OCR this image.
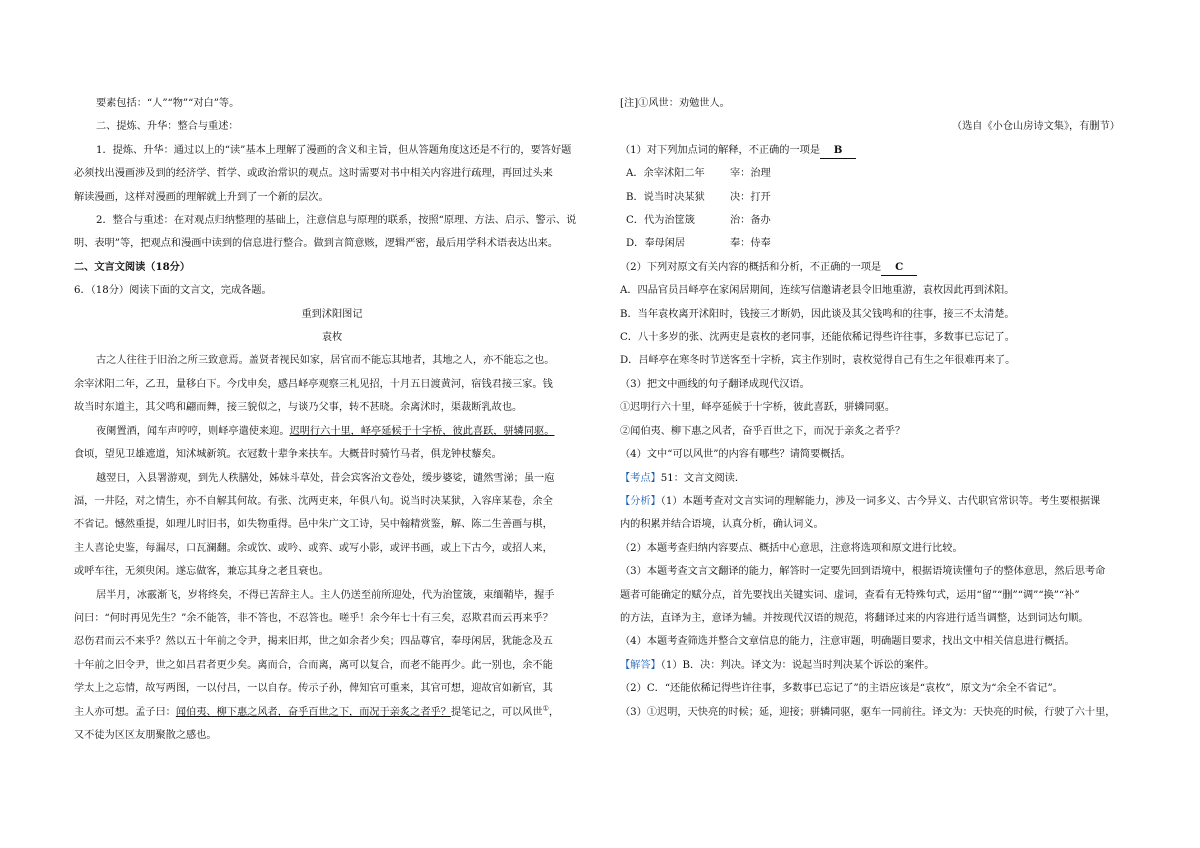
要素包括：“人”“物”“对白”等。

二、提炼、升华：整合与重述：

1．提炼、升华：通过以上的“读”基本上理解了漫画的含义和主旨，但从答题角度这还是不行的，要答好题

必须找出漫画涉及到的经济学、哲学、或政治常识的观点。这时需要对书中相关内容进行疏理，再回过头来

解读漫画，这样对漫画的理解就上升到了一个新的层次。

2．整合与重述：在对观点归纳整理的基础上，注意信息与原理的联系，按照“原理、方法、启示、警示、说

明、表明”等，把观点和漫画中读到的信息进行整合。做到言简意赅，逻辑严密，最后用学科术语表达出来。

二、文言文阅读（18分）

6．（18分）阅读下面的文言文，完成各题。

重到沭阳图记

袁枚

古之人往往于旧治之所三致意焉。盖贤者视民如家，居官而不能忘其地者，其地之人，亦不能忘之也。

余宰沭阳二年，乙丑，量移白下。今戊申矣，感吕峄亭观察三札见招，十月五日渡黄河，宿钱君接三家。钱

故当时东道主，其父鸣和翩而舞，接三貌似之，与谈乃父事，转不甚晓。余离沭时，渠裁断乳故也。

夜阑置酒，闻车声哼哼，则峄亭遣使来迎。迟明行六十里，峄亭延候于十字桥，彼此喜跃，骈辚同驱。

食顷，望见卫雄遮道，知沭城新筑。衣冠数十辈争来扶车。大概昔时骑竹马者，俱龙钟杖藜矣。

越翌日，入县署游观，到先人秩膳处，姊妹斗草处，昔会宾客治文卷处，缓步婆娑，谴然雪涕；虽一庖

湢，一井陉，对之情生，亦不自解其何故。有张、沈两吏来，年俱八旬。说当时决某狱，入容庠某卷，余全

不省记。憾然重提，如理儿时旧书，如失物重得。邑中朱广文工诗，吴中翰精赏鉴，解、陈二生善画与棋，

主人喜论史鉴，每漏尽，口瓦澜翻。余或饮、或吟、或弈、或写小影，或评书画，或上下古今，或招人来，

或呼车往，无须臾闲。遂忘做客，兼忘其身之老且衰也。

居半月，冰霰渐飞，岁将终矣，不得已苦辞主人。主人仍送至前所迎处，代为治筐筬，束缅鞘毕，握手

问曰：“何时再见先生？”余不能答，非不答也，不忍答也。嗟乎！余今年七十有三矣，忍欺君而云再来乎？

忍伤君而云不来乎？然以五十年前之令尹，揭来旧邦，世之如余者少矣；四品尊官，奉母闲居，犹能念及五

十年前之旧令尹，世之如吕君者更少矣。离而合，合而离，离可以复合，而老不能再少。此一别也，余不能

学太上之忘情，故写两图，一以付吕，一以自存。传示子孙，俾知官可重来，其官可想，迎故官如新官，其

主人亦可想。孟子曰：闻伯夷、柳下惠之风者，奋乎百世之下，而况于亲炙之者乎？提笔记之，可以风世①，

又不徒为区区友朋聚散之感也。

[注]①风世：劝勉世人。

（选自《小仓山房诗文集》，有删节）

（1）对下列加点词的解释，不正确的一项是 B

A．余宰沭阳二年	宰：治理
B．说当时决某狱	决：打开
C．代为治筐筬	治：备办
D．奉母闲居	奉：侍奉

（2）下列对原文有关内容的概括和分析，不正确的一项是 C

A．四品官员吕峄亭在家闲居期间，连续写信邀请老县令旧地重游，袁枚因此再到沭阳。

B．当年袁枚离开沭阳时，钱接三才断奶，因此谈及其父钱鸣和的往事，接三不太清楚。

C．八十多岁的张、沈两吏是袁枚的老同事，还能依稀记得些许往事，多数事已忘记了。

D．吕峄亭在寒冬时节送客至十字桥，宾主作别时，袁枚觉得自己有生之年很难再来了。

（3）把文中画线的句子翻译成现代汉语。

①迟明行六十里，峄亭延候于十字桥，彼此喜跃，骈辚同驱。

②闻伯夷、柳下惠之风者，奋乎百世之下，而况于亲炙之者乎？

（4）文中“可以风世”的内容有哪些？请简要概括。

【考点】51：文言文阅读．

【分析】（1）本题考查对文言实词的理解能力，涉及一词多义、古今异义、古代职官常识等。考生要根据课

内的积累并结合语境，认真分析，确认词义。

（2）本题考查归纳内容要点、概括中心意思，注意将选项和原文进行比较。

（3）本题考查文言文翻译的能力，解答时一定要先回到语境中，根据语境读懂句子的整体意思，然后思考命

题者可能确定的赋分点，首先要找出关键实词、虚词，查看有无特殊句式，运用“留”“删”“调”“换”“补”

的方法，直译为主，意译为辅。并按现代汉语的规范，将翻译过来的内容进行适当调整，达到词达句顺。

（4）本题考查筛选并整合文章信息的能力，注意审题，明确题目要求，找出文中相关信息进行概括。

【解答】（1）B．决：判决。译文为：说起当时判决某个诉讼的案件。

（2）C．“还能依稀记得些许往事，多数事已忘记了”的主语应该是“袁枚”，原文为“余全不省记”。

（3）①迟明，天快亮的时候；延，迎接；骈辚同驱，驱车一同前往。译文为：天快亮的时候，行驶了六十里，
